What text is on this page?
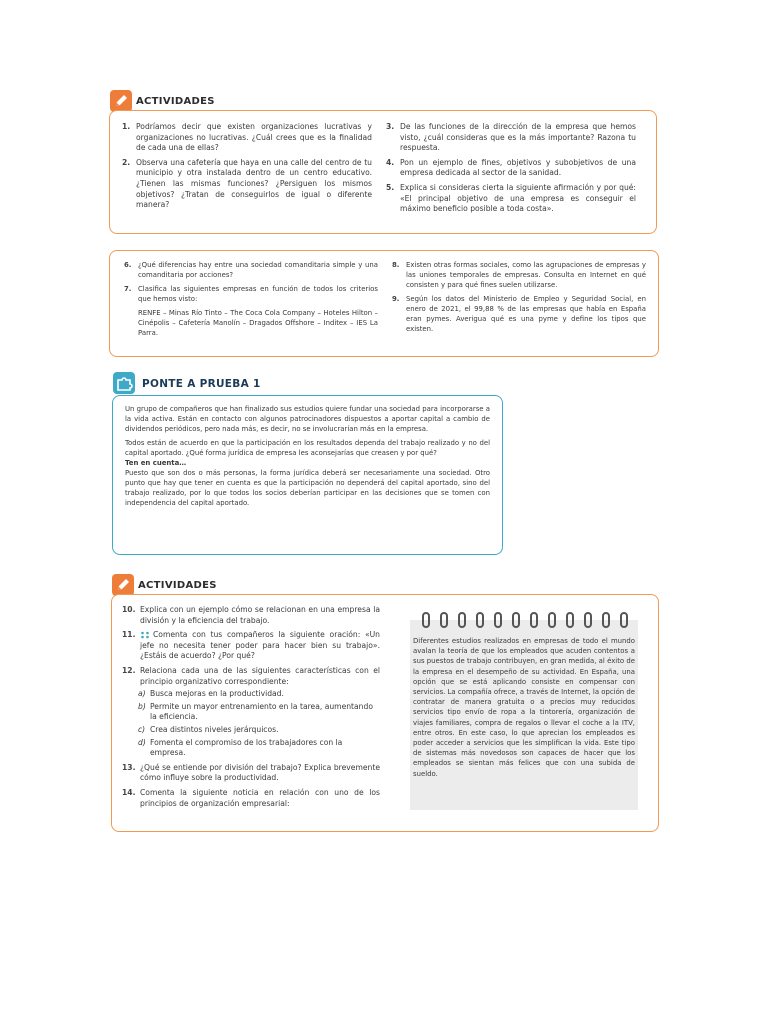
ACTIVIDADES
1. Podríamos decir que existen organizaciones lucrativas y organizaciones no lucrativas. ¿Cuál crees que es la finalidad de cada una de ellas?
2. Observa una cafetería que haya en una calle del centro de tu municipio y otra instalada dentro de un centro educativo. ¿Tienen las mismas funciones? ¿Persiguen los mismos objetivos? ¿Tratan de conseguirlos de igual o diferente manera?
3. De las funciones de la dirección de la empresa que hemos visto, ¿cuál consideras que es la más importante? Razona tu respuesta.
4. Pon un ejemplo de fines, objetivos y subobjetivos de una empresa dedicada al sector de la sanidad.
5. Explica si consideras cierta la siguiente afirmación y por qué: «El principal objetivo de una empresa es conseguir el máximo beneficio posible a toda costa».
6. ¿Qué diferencias hay entre una sociedad comanditaria simple y una comanditaria por acciones?
7. Clasifica las siguientes empresas en función de todos los criterios que hemos visto:
RENFE – Minas Río Tinto – The Coca Cola Company – Hoteles Hilton – Cinépolis – Cafetería Manolín – Dragados Offshore – Inditex – IES La Parra.
8. Existen otras formas sociales, como las agrupaciones de empresas y las uniones temporales de empresas. Consulta en Internet en qué consisten y para qué fines suelen utilizarse.
9. Según los datos del Ministerio de Empleo y Seguridad Social, en enero de 2021, el 99,88 % de las empresas que había en España eran pymes. Averigua qué es una pyme y define los tipos que existen.
PONTE A PRUEBA 1
Un grupo de compañeros que han finalizado sus estudios quiere fundar una sociedad para incorporarse a la vida activa. Están en contacto con algunos patrocinadores dispuestos a aportar capital a cambio de dividendos periódicos, pero nada más, es decir, no se involucrarían más en la empresa.
Todos están de acuerdo en que la participación en los resultados dependa del trabajo realizado y no del capital aportado. ¿Qué forma jurídica de empresa les aconsejarías que creasen y por qué?
Ten en cuenta…
Puesto que son dos o más personas, la forma jurídica deberá ser necesariamente una sociedad. Otro punto que hay que tener en cuenta es que la participación no dependerá del capital aportado, sino del trabajo realizado, por lo que todos los socios deberían participar en las decisiones que se tomen con independencia del capital aportado.
ACTIVIDADES
10. Explica con un ejemplo cómo se relacionan en una empresa la división y la eficiencia del trabajo.
11.	Comenta con tus compañeros la siguiente oración: «Un jefe no necesita tener poder para hacer bien su trabajo». ¿Estáis de acuerdo? ¿Por qué?
12. Relaciona cada una de las siguientes características con el principio organizativo correspondiente:
a) Busca mejoras en la productividad.
b) Permite un mayor entrenamiento en la tarea, aumentando la eficiencia.
c) Crea distintos niveles jerárquicos.
d) Fomenta el compromiso de los trabajadores con la empresa.
13. ¿Qué se entiende por división del trabajo? Explica brevemente cómo influye sobre la productividad.
14. Comenta la siguiente noticia en relación con uno de los principios de organización empresarial:
Diferentes estudios realizados en empresas de todo el mundo avalan la teoría de que los empleados que acuden contentos a sus puestos de trabajo contribuyen, en gran medida, al éxito de la empresa en el desempeño de su actividad. En España, una opción que se está aplicando consiste en compensar con servicios. La compañía ofrece, a través de Internet, la opción de contratar de manera gratuita o a precios muy reducidos servicios tipo envío de ropa a la tintorería, organización de viajes familiares, compra de regalos o llevar el coche a la ITV, entre otros. En este caso, lo que aprecian los empleados es poder acceder a servicios que les simplifican la vida. Este tipo de sistemas más novedosos son capaces de hacer que los empleados se sientan más felices que con una subida de sueldo.
